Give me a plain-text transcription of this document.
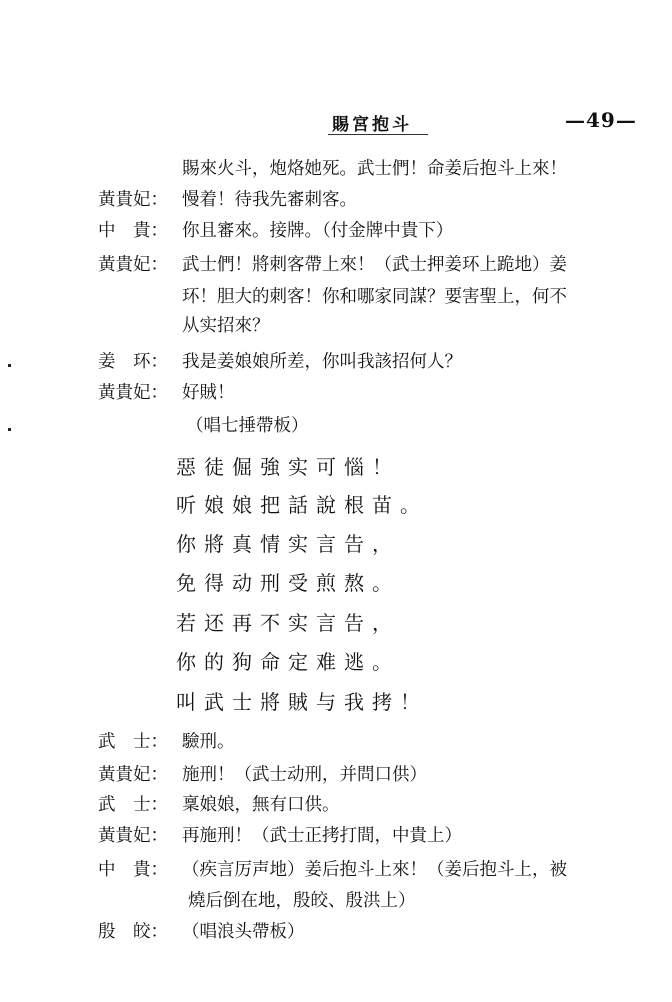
賜宮抱斗	—49—
賜來火斗，炮烙她死。武士們！命姜后抱斗上來！
黃貴妃： 慢着！待我先審刺客。
中　貴： 你且審來。接牌。（付金牌中貴下）
黃貴妃： 武士們！將刺客帶上來！（武士押姜环上跪地）姜
环！胆大的刺客！你和哪家同謀？要害聖上，何不
从实招來？
姜　环： 我是姜娘娘所差，你叫我該招何人？
黃貴妃： 好賊！
（唱七捶帶板）
惡徒倔強实可惱！
听娘娘把話說根苗。
你將真情实言告，
免得动刑受煎熬。
若还再不实言告，
你的狗命定难逃。
叫武士將賊与我拷！
武　士： 驗刑。
黃貴妃： 施刑！（武士动刑，并問口供）
武　士： 稟娘娘，無有口供。
黃貴妃： 再施刑！（武士正拷打間，中貴上）
中　貴： （疾言厉声地）姜后抱斗上來！（姜后抱斗上，被
燒后倒在地，殷皎、殷洪上）
殷　皎： （唱浪头帶板）
